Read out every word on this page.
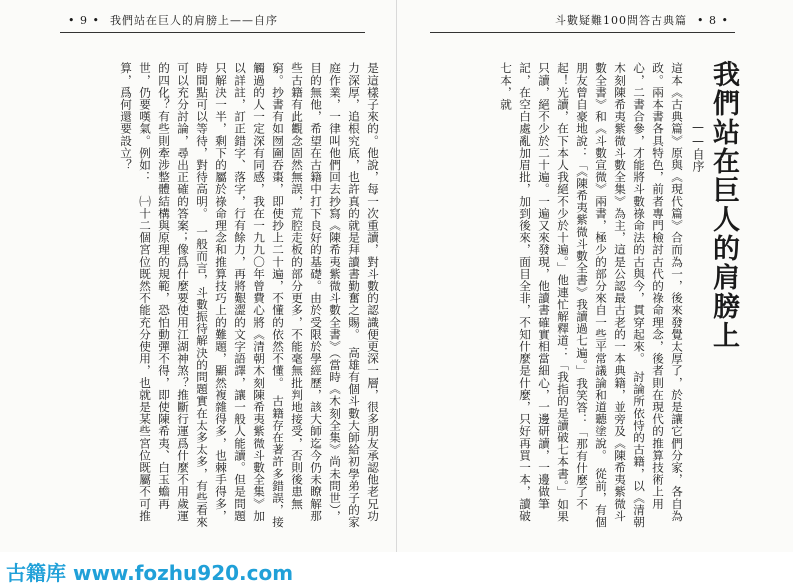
• 9 • 我們站在巨人的肩膀上——自序	斗數疑難100問答古典篇 • 8 •
我們站在巨人的肩膀上
——自序
這本《古典篇》原與《現代篇》合而為一，後來發覺太厚了，於是讓它們分家，各自為政。兩本書各具特色，前者專門檢討古代的祿命理念，後者則在現代的推算技術上用心，二書合參，才能將斗數祿命法的古與今，貫穿起來。　討論所依恃的古籍，以《清朝木刻陳希夷紫微斗數全集》為主，這是公認最古老的一本典籍，並旁及《陳希夷紫微斗數全書》和《斗數宣微》兩書，極少的部分來自一些平常議論和道聽塗說。　從前，有個朋友曾自豪地說：「《陳希夷紫微斗數全書》我讀過七遍。」我笑答：「那有什麼了不起！光讀，在下本人我絕不少於十遍。」他連忙解釋道：「我指的是讀破七本書。」如果只讀，絕不少於二十遍。一遍又來發現，他讀書確實相當細心，一邊研讀，一邊做筆記，在空白處亂加眉批，加到後來，面目全非，不知什麼是什麼，只好再買一本，讀破七本，就
是這樣子來的。他說，每一次重讀，對斗數的認識便更深一層，很多朋友承認他老兄功力深厚，追根究底，也許真的就是拜讀書勤奮之賜。　高雄有個斗數大師給初學弟子的家庭作業，一律叫他們回去抄寫《陳希夷紫微斗數全書》（當時《木刻全集》尚未問世），目的無他，希望在古籍中打下良好的基礎。由於受限於學經歷，該大師迄今仍未瞭解那些古籍有此觀念固然無誤，荒腔走板的部分更多，不能毫無批判地接受，否則後患無窮。抄書有如囫圇吞棗，即使抄上二十遍，不懂的依然不懂。　古籍存在著許多錯誤，接觸過的人一定深有同感，我在一九九〇年曾費心將《清朝木刻陳希夷紫微斗數全集》加以詳註，訂正錯字、落字，行有餘力，再將艱澀的文字語譯，讓一般人能讀。但是問題只解決一半，剩下的屬於祿命理念和推算技巧上的難題，顯然複雜得多，也棘手得多，時間點可以等待，對待高明。　一般而言，斗數振待解決的問題實在太多太多，有些看來可以充分討論，尋出正確的答案；像爲什麼要使用江湖神煞？推斷行運爲什麼不用歲運的四化？有些則牽涉整體結構與原理的規範，恐怕動彈不得，即使陳希夷、白玉蟾再世，仍要嘆氣。例如：　㈠十二個宮位既然不能充分使用，也就是某些宮位既屬不可推算，爲何還要設立？
古籍库 www.fozhu920.com
